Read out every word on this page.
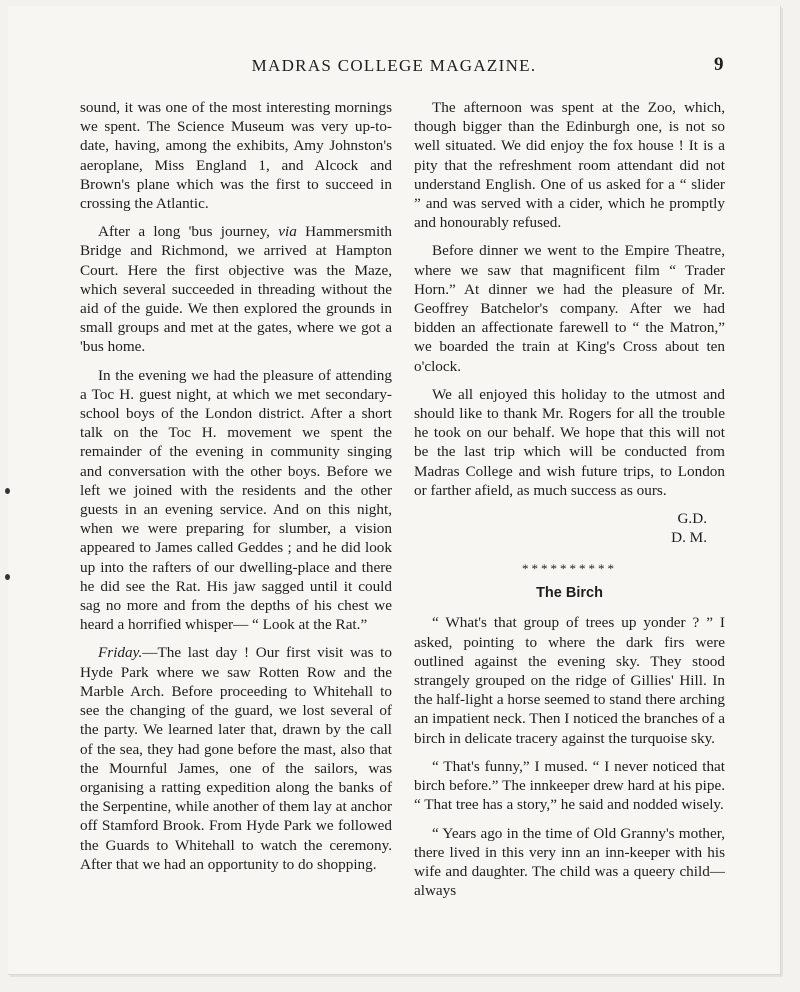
MADRAS COLLEGE MAGAZINE.	9

sound, it was one of the most interesting mornings we spent. The Science Museum was very up-to-date, having, among the exhibits, Amy Johnston's aeroplane, Miss England 1, and Alcock and Brown's plane which was the first to succeed in crossing the Atlantic.

After a long 'bus journey, via Hammersmith Bridge and Richmond, we arrived at Hampton Court. Here the first objective was the Maze, which several succeeded in threading without the aid of the guide. We then explored the grounds in small groups and met at the gates, where we got a 'bus home.

In the evening we had the pleasure of attending a Toc H. guest night, at which we met secondary-school boys of the London district. After a short talk on the Toc H. movement we spent the remainder of the evening in community singing and conversation with the other boys. Before we left we joined with the residents and the other guests in an evening service. And on this night, when we were preparing for slumber, a vision appeared to James called Geddes ; and he did look up into the rafters of our dwelling-place and there he did see the Rat. His jaw sagged until it could sag no more and from the depths of his chest we heard a horrified whisper— “ Look at the Rat.”

Friday.—The last day ! Our first visit was to Hyde Park where we saw Rotten Row and the Marble Arch. Before proceeding to Whitehall to see the changing of the guard, we lost several of the party. We learned later that, drawn by the call of the sea, they had gone before the mast, also that the Mournful James, one of the sailors, was organising a ratting expedition along the banks of the Serpentine, while another of them lay at anchor off Stamford Brook. From Hyde Park we followed the Guards to Whitehall to watch the ceremony. After that we had an opportunity to do shopping.

The afternoon was spent at the Zoo, which, though bigger than the Edinburgh one, is not so well situated. We did enjoy the fox house ! It is a pity that the refreshment room attendant did not understand English. One of us asked for a “ slider ” and was served with a cider, which he promptly and honourably refused.

Before dinner we went to the Empire Theatre, where we saw that magnificent film “ Trader Horn.” At dinner we had the pleasure of Mr. Geoffrey Batchelor's company. After we had bidden an affectionate farewell to “ the Matron,” we boarded the train at King's Cross about ten o'clock.

We all enjoyed this holiday to the utmost and should like to thank Mr. Rogers for all the trouble he took on our behalf. We hope that this will not be the last trip which will be conducted from Madras College and wish future trips, to London or farther afield, as much success as ours.

G.D.
D. M.
**********
The Birch

“ What's that group of trees up yonder ? ” I asked, pointing to where the dark firs were outlined against the evening sky. They stood strangely grouped on the ridge of Gillies' Hill. In the half-light a horse seemed to stand there arching an impatient neck. Then I noticed the branches of a birch in delicate tracery against the turquoise sky.

“ That's funny,” I mused. “ I never noticed that birch before.” The innkeeper drew hard at his pipe. “ That tree has a story,” he said and nodded wisely.

“ Years ago in the time of Old Granny's mother, there lived in this very inn an inn-keeper with his wife and daughter. The child was a queery child—always
